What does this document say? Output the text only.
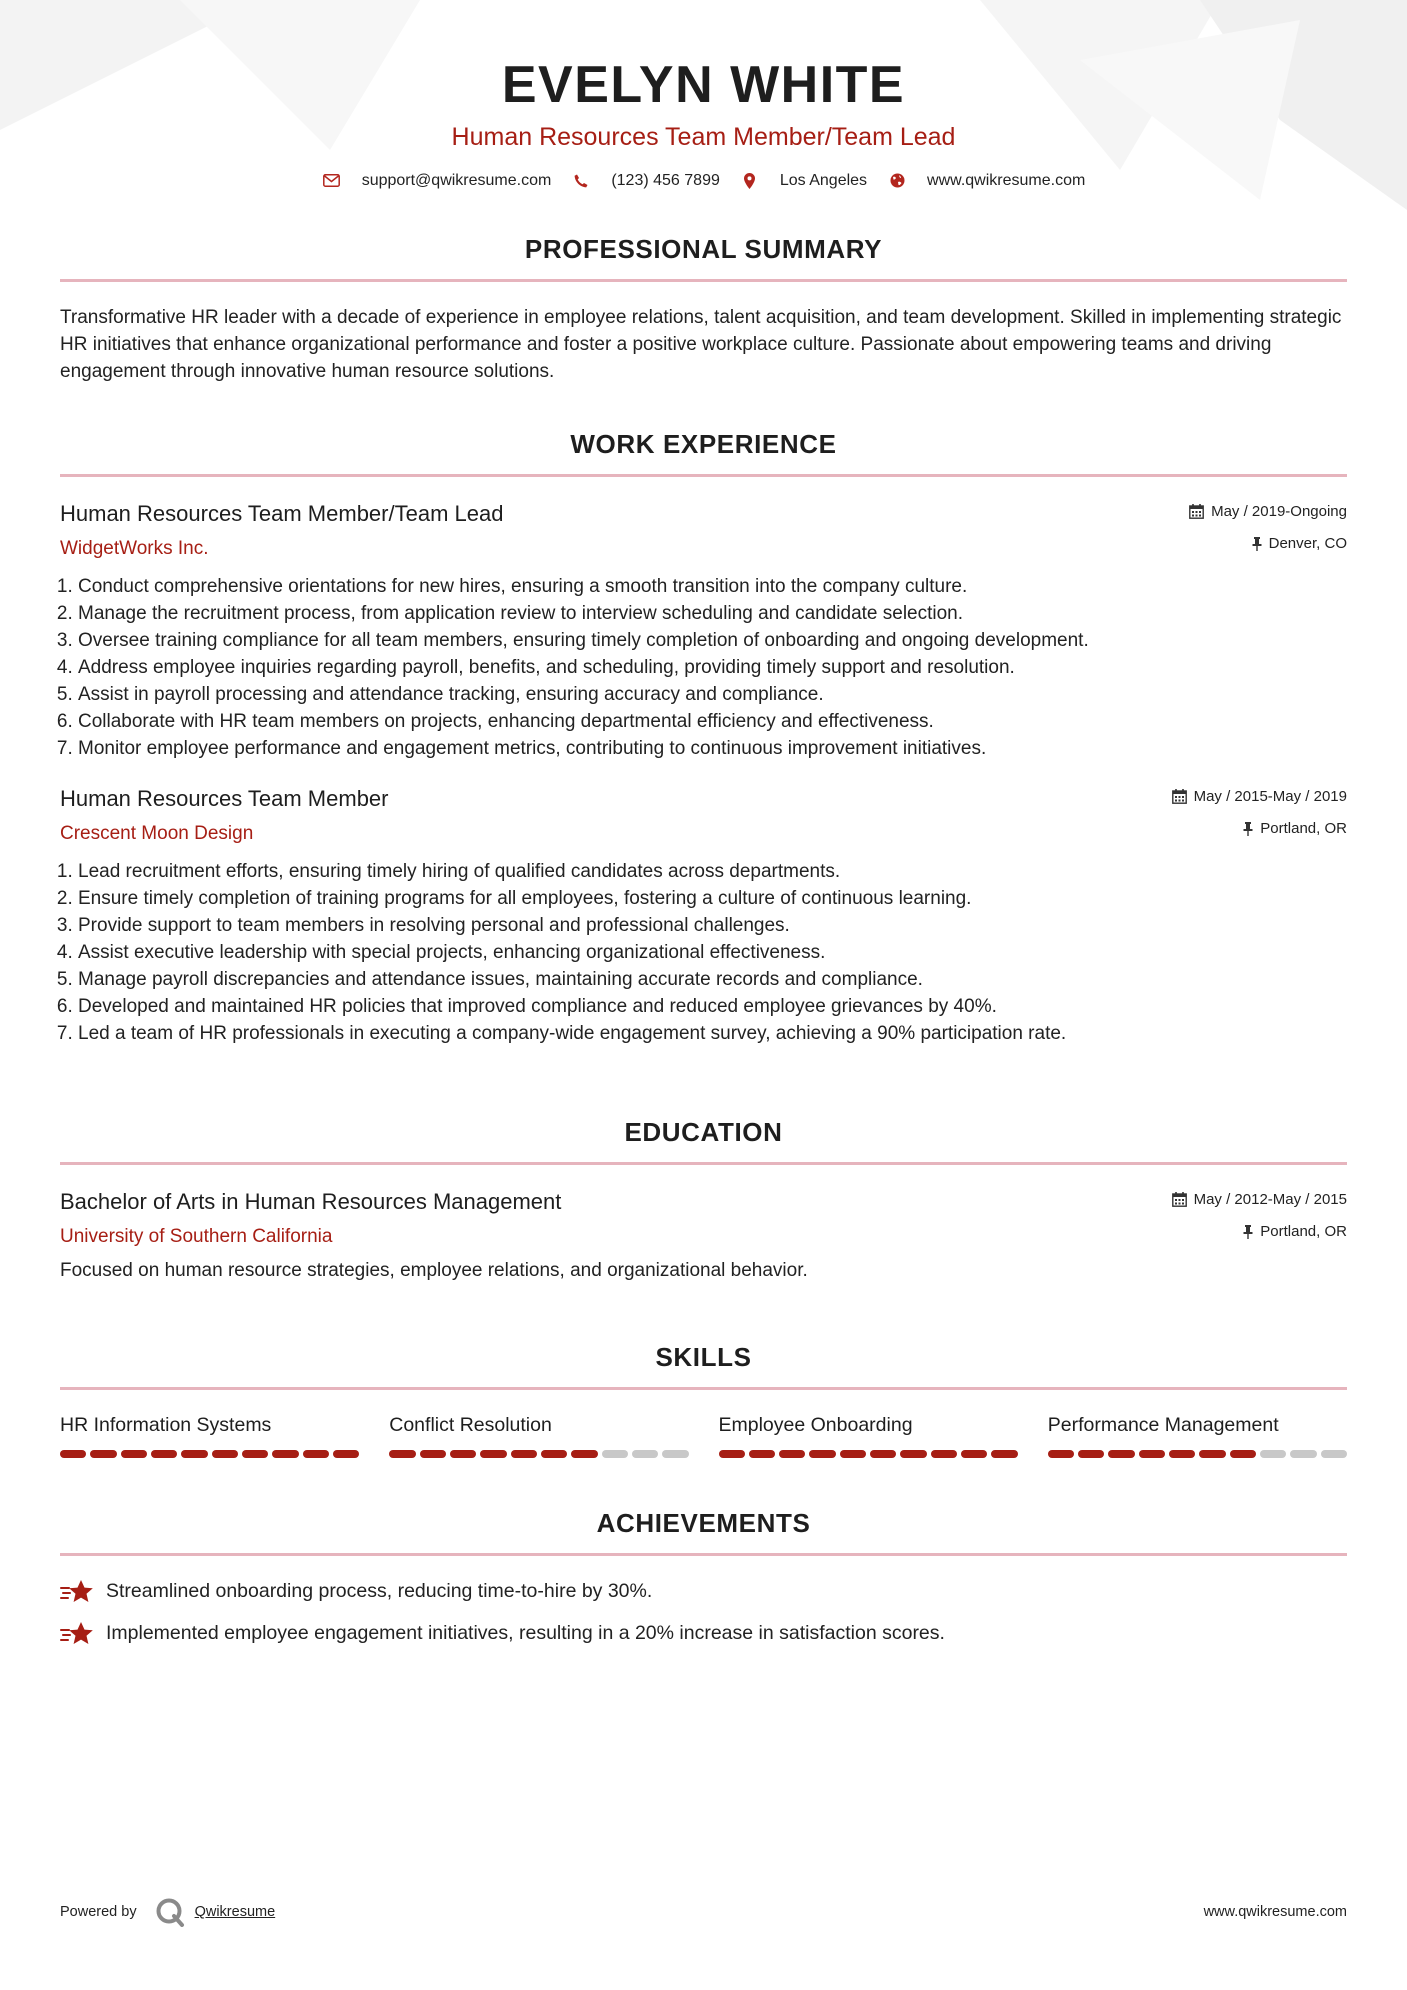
EVELYN WHITE
Human Resources Team Member/Team Lead
support@qwikresume.com	(123) 456 7899	Los Angeles	www.qwikresume.com
PROFESSIONAL SUMMARY
Transformative HR leader with a decade of experience in employee relations, talent acquisition, and team development. Skilled in implementing strategic HR initiatives that enhance organizational performance and foster a positive workplace culture. Passionate about empowering teams and driving engagement through innovative human resource solutions.
WORK EXPERIENCE
Human Resources Team Member/Team Lead
WidgetWorks Inc.
May / 2019-Ongoing
Denver, CO
1. Conduct comprehensive orientations for new hires, ensuring a smooth transition into the company culture.
2. Manage the recruitment process, from application review to interview scheduling and candidate selection.
3. Oversee training compliance for all team members, ensuring timely completion of onboarding and ongoing development.
4. Address employee inquiries regarding payroll, benefits, and scheduling, providing timely support and resolution.
5. Assist in payroll processing and attendance tracking, ensuring accuracy and compliance.
6. Collaborate with HR team members on projects, enhancing departmental efficiency and effectiveness.
7. Monitor employee performance and engagement metrics, contributing to continuous improvement initiatives.
Human Resources Team Member
Crescent Moon Design
May / 2015-May / 2019
Portland, OR
1. Lead recruitment efforts, ensuring timely hiring of qualified candidates across departments.
2. Ensure timely completion of training programs for all employees, fostering a culture of continuous learning.
3. Provide support to team members in resolving personal and professional challenges.
4. Assist executive leadership with special projects, enhancing organizational effectiveness.
5. Manage payroll discrepancies and attendance issues, maintaining accurate records and compliance.
6. Developed and maintained HR policies that improved compliance and reduced employee grievances by 40%.
7. Led a team of HR professionals in executing a company-wide engagement survey, achieving a 90% participation rate.
EDUCATION
Bachelor of Arts in Human Resources Management
University of Southern California
May / 2012-May / 2015
Portland, OR
Focused on human resource strategies, employee relations, and organizational behavior.
SKILLS
HR Information Systems	Conflict Resolution	Employee Onboarding	Performance Management
ACHIEVEMENTS
Streamlined onboarding process, reducing time-to-hire by 30%.
Implemented employee engagement initiatives, resulting in a 20% increase in satisfaction scores.
Powered by	Qwikresume	www.qwikresume.com
